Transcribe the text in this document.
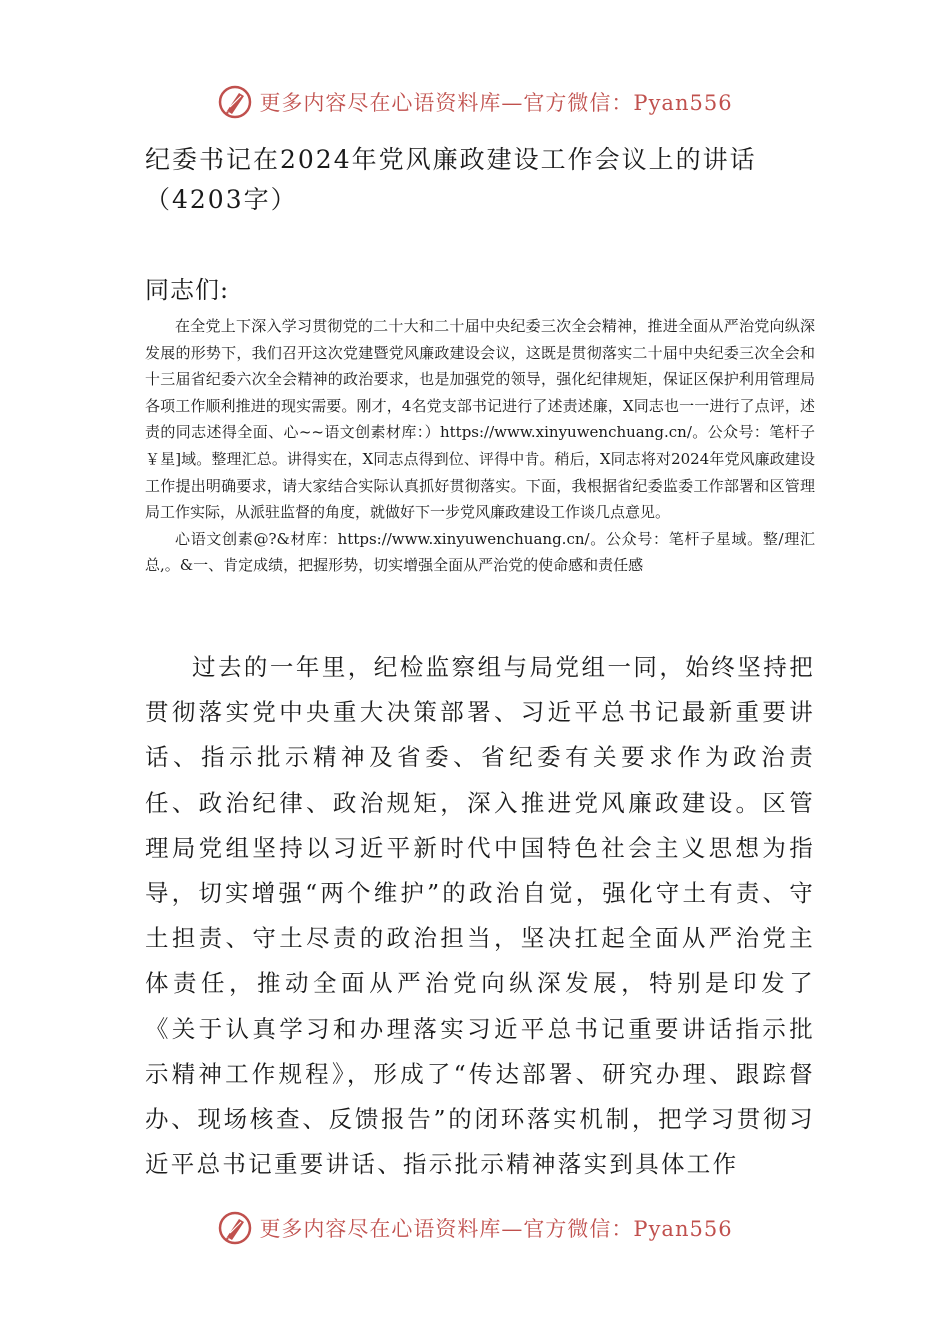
更多内容尽在心语资料库—官方微信：Pyan556
纪委书记在2024年党风廉政建设工作会议上的讲话（4203字）
同志们:

在全党上下深入学习贯彻党的二十大和二十届中央纪委三次全会精神，推进全面从严治党向纵深发展的形势下，我们召开这次党建暨党风廉政建设会议，这既是贯彻落实二十届中央纪委三次全会和十三届省纪委六次全会精神的政治要求，也是加强党的领导，强化纪律规矩，保证区保护利用管理局各项工作顺利推进的现实需要。刚才，4名党支部书记进行了述责述廉，X同志也一一进行了点评，述责的同志述得全面、心~~语文创素材库：）https://www.xinyuwenchuang.cn/。公众号：笔杆子￥星]域。整理汇总。讲得实在，X同志点得到位、评得中肯。稍后，X同志将对2024年党风廉政建设工作提出明确要求，请大家结合实际认真抓好贯彻落实。下面，我根据省纪委监委工作部署和区管理局工作实际，从派驻监督的角度，就做好下一步党风廉政建设工作谈几点意见。

心语文创素@?&材库：https://www.xinyuwenchuang.cn/。公众号：笔杆子星域。整/理汇总,。&一、肯定成绩，把握形势，切实增强全面从严治党的使命感和责任感

过去的一年里，纪检监察组与局党组一同，始终坚持把贯彻落实党中央重大决策部署、习近平总书记最新重要讲话、指示批示精神及省委、省纪委有关要求作为政治责任、政治纪律、政治规矩，深入推进党风廉政建设。区管理局党组坚持以习近平新时代中国特色社会主义思想为指导，切实增强“两个维护”的政治自觉，强化守土有责、守土担责、守土尽责的政治担当，坚决扛起全面从严治党主体责任，推动全面从严治党向纵深发展，特别是印发了《关于认真学习和办理落实习近平总书记重要讲话指示批示精神工作规程》，形成了“传达部署、研究办理、跟踪督办、现场核查、反馈报告”的闭环落实机制，把学习贯彻习近平总书记重要讲话、指示批示精神落实到具体工作

更多内容尽在心语资料库—官方微信：Pyan556
